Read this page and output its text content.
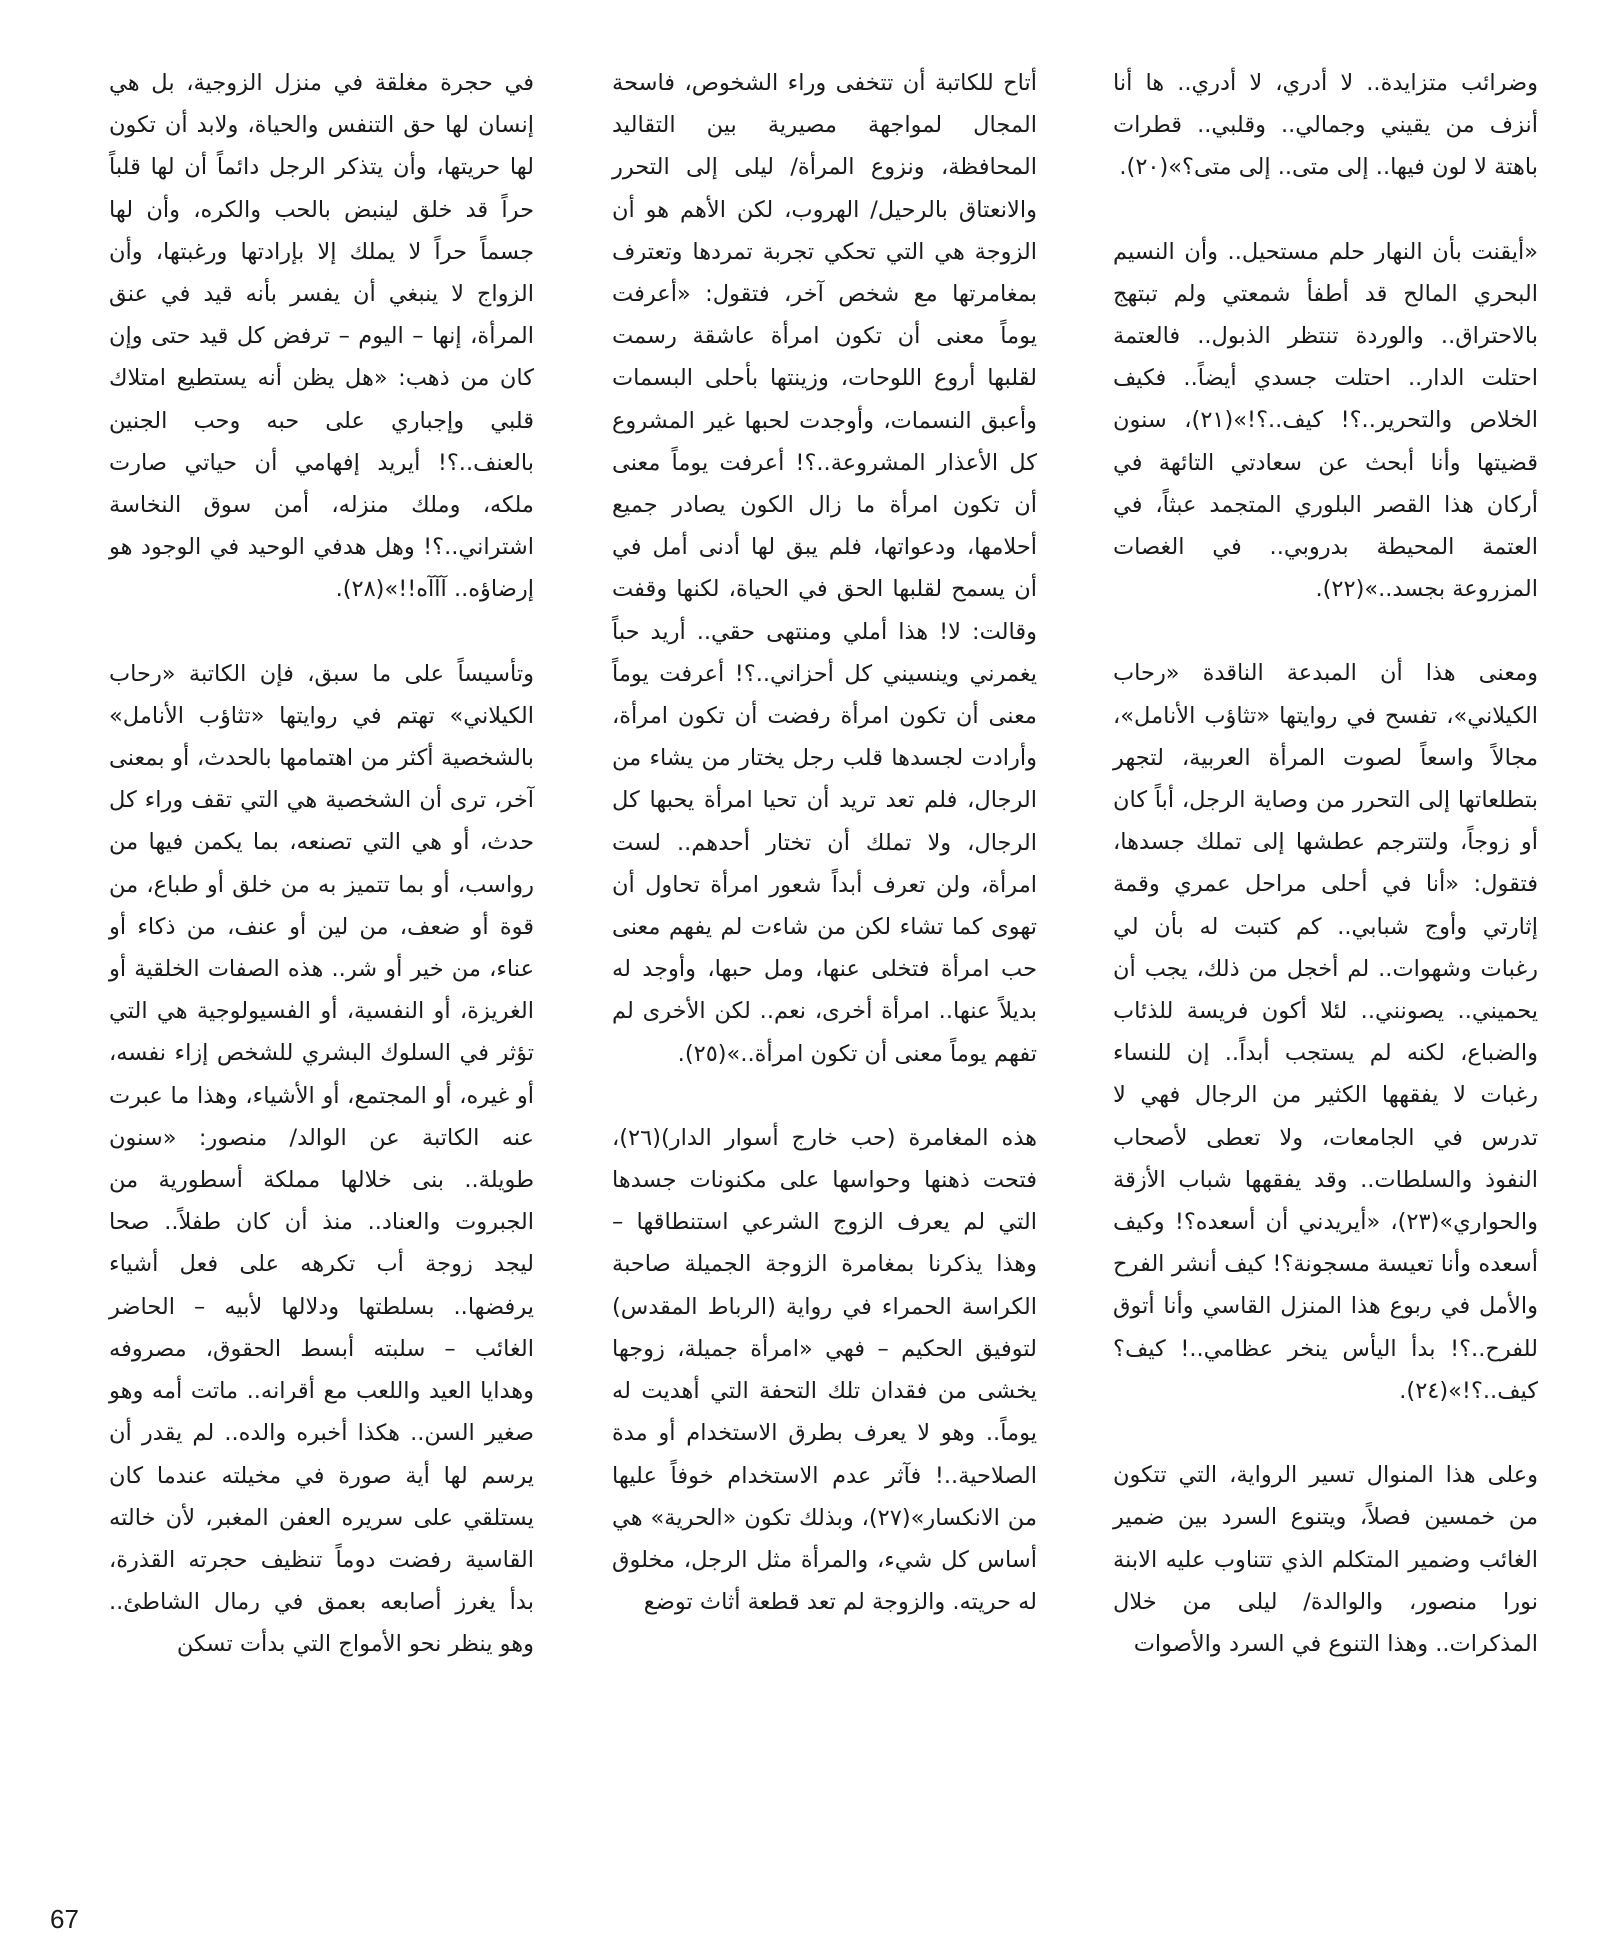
وضرائب متزايدة.. لا أدري، لا أدري.. ها أنا أنزف من يقيني وجمالي.. وقلبي.. قطرات باهتة لا لون فيها.. إلى متى.. إلى متى؟»(٢٠).

«أيقنت بأن النهار حلم مستحيل.. وأن النسيم البحري المالح قد أطفأ شمعتي ولم تبتهج بالاحتراق.. والوردة تنتظر الذبول.. فالعتمة احتلت الدار.. احتلت جسدي أيضاً.. فكيف الخلاص والتحرير..؟! كيف..؟!»(٢١)، سنون قضيتها وأنا أبحث عن سعادتي التائهة في أركان هذا القصر البلوري المتجمد عبثاً، في العتمة المحيطة بدروبي.. في الغصات المزروعة بجسد..»(٢٢).

ومعنى هذا أن المبدعة الناقدة «رحاب الكيلاني»، تفسح في روايتها «تثاؤب الأنامل»، مجالاً واسعاً لصوت المرأة العربية، لتجهر بتطلعاتها إلى التحرر من وصاية الرجل، أباً كان أو زوجاً، ولتترجم عطشها إلى تملك جسدها، فتقول: «أنا في أحلى مراحل عمري وقمة إثارتي وأوج شبابي.. كم كتبت له بأن لي رغبات وشهوات.. لم أخجل من ذلك، يجب أن يحميني.. يصونني.. لئلا أكون فريسة للذئاب والضباع، لكنه لم يستجب أبداً.. إن للنساء رغبات لا يفقهها الكثير من الرجال فهي لا تدرس في الجامعات، ولا تعطى لأصحاب النفوذ والسلطات.. وقد يفقهها شباب الأزقة والحواري»(٢٣)، «أيريدني أن أسعده؟! وكيف أسعده وأنا تعيسة مسجونة؟! كيف أنشر الفرح والأمل في ربوع هذا المنزل القاسي وأنا أتوق للفرح..؟! بدأ اليأس ينخر عظامي..! كيف؟ كيف..؟!»(٢٤).

وعلى هذا المنوال تسير الرواية، التي تتكون من خمسين فصلاً، ويتنوع السرد بين ضمير الغائب وضمير المتكلم الذي تتناوب عليه الابنة نورا منصور، والوالدة/ ليلى من خلال المذكرات.. وهذا التنوع في السرد والأصوات

أتاح للكاتبة أن تتخفى وراء الشخوص، فاسحة المجال لمواجهة مصيرية بين التقاليد المحافظة، ونزوع المرأة/ ليلى إلى التحرر والانعتاق بالرحيل/ الهروب، لكن الأهم هو أن الزوجة هي التي تحكي تجربة تمردها وتعترف بمغامرتها مع شخص آخر، فتقول: «أعرفت يوماً معنى أن تكون امرأة عاشقة رسمت لقلبها أروع اللوحات، وزينتها بأحلى البسمات وأعبق النسمات، وأوجدت لحبها غير المشروع كل الأعذار المشروعة..؟! أعرفت يوماً معنى أن تكون امرأة ما زال الكون يصادر جميع أحلامها، ودعواتها، فلم يبق لها أدنى أمل في أن يسمح لقلبها الحق في الحياة، لكنها وقفت وقالت: لا! هذا أملي ومنتهى حقي.. أريد حباً يغمرني وينسيني كل أحزاني..؟! أعرفت يوماً معنى أن تكون امرأة رفضت أن تكون امرأة، وأرادت لجسدها قلب رجل يختار من يشاء من الرجال، فلم تعد تريد أن تحيا امرأة يحبها كل الرجال، ولا تملك أن تختار أحدهم.. لست امرأة، ولن تعرف أبداً شعور امرأة تحاول أن تهوى كما تشاء لكن من شاءت لم يفهم معنى حب امرأة فتخلى عنها، ومل حبها، وأوجد له بديلاً عنها.. امرأة أخرى، نعم.. لكن الأخرى لم تفهم يوماً معنى أن تكون امرأة..»(٢٥).

هذه المغامرة (حب خارج أسوار الدار)(٢٦)، فتحت ذهنها وحواسها على مكنونات جسدها التي لم يعرف الزوج الشرعي استنطاقها – وهذا يذكرنا بمغامرة الزوجة الجميلة صاحبة الكراسة الحمراء في رواية (الرباط المقدس) لتوفيق الحكيم – فهي «امرأة جميلة، زوجها يخشى من فقدان تلك التحفة التي أهديت له يوماً.. وهو لا يعرف بطرق الاستخدام أو مدة الصلاحية..! فآثر عدم الاستخدام خوفاً عليها من الانكسار»(٢٧)، وبذلك تكون «الحرية» هي أساس كل شيء، والمرأة مثل الرجل، مخلوق له حريته. والزوجة لم تعد قطعة أثاث توضع

في حجرة مغلقة في منزل الزوجية، بل هي إنسان لها حق التنفس والحياة، ولابد أن تكون لها حريتها، وأن يتذكر الرجل دائماً أن لها قلباً حراً قد خلق لينبض بالحب والكره، وأن لها جسماً حراً لا يملك إلا بإرادتها ورغبتها، وأن الزواج لا ينبغي أن يفسر بأنه قيد في عنق المرأة، إنها – اليوم – ترفض كل قيد حتى وإن كان من ذهب: «هل يظن أنه يستطيع امتلاك قلبي وإجباري على حبه وحب الجنين بالعنف..؟! أيريد إفهامي أن حياتي صارت ملكه، وملك منزله، أمن سوق النخاسة اشتراني..؟! وهل هدفي الوحيد في الوجود هو إرضاؤه.. آآآه!!»(٢٨).

وتأسيساً على ما سبق، فإن الكاتبة «رحاب الكيلاني» تهتم في روايتها «تثاؤب الأنامل» بالشخصية أكثر من اهتمامها بالحدث، أو بمعنى آخر، ترى أن الشخصية هي التي تقف وراء كل حدث، أو هي التي تصنعه، بما يكمن فيها من رواسب، أو بما تتميز به من خلق أو طباع، من قوة أو ضعف، من لين أو عنف، من ذكاء أو عناء، من خير أو شر.. هذه الصفات الخلقية أو الغريزة، أو النفسية، أو الفسيولوجية هي التي تؤثر في السلوك البشري للشخص إزاء نفسه، أو غيره، أو المجتمع، أو الأشياء، وهذا ما عبرت عنه الكاتبة عن الوالد/ منصور: «سنون طويلة.. بنى خلالها مملكة أسطورية من الجبروت والعناد.. منذ أن كان طفلاً.. صحا ليجد زوجة أب تكرهه على فعل أشياء يرفضها.. بسلطتها ودلالها لأبيه – الحاضر الغائب – سلبته أبسط الحقوق، مصروفه وهدايا العيد واللعب مع أقرانه.. ماتت أمه وهو صغير السن.. هكذا أخبره والده.. لم يقدر أن يرسم لها أية صورة في مخيلته عندما كان يستلقي على سريره العفن المغبر، لأن خالته القاسية رفضت دوماً تنظيف حجرته القذرة، بدأ يغرز أصابعه بعمق في رمال الشاطئ.. وهو ينظر نحو الأمواج التي بدأت تسكن

67
